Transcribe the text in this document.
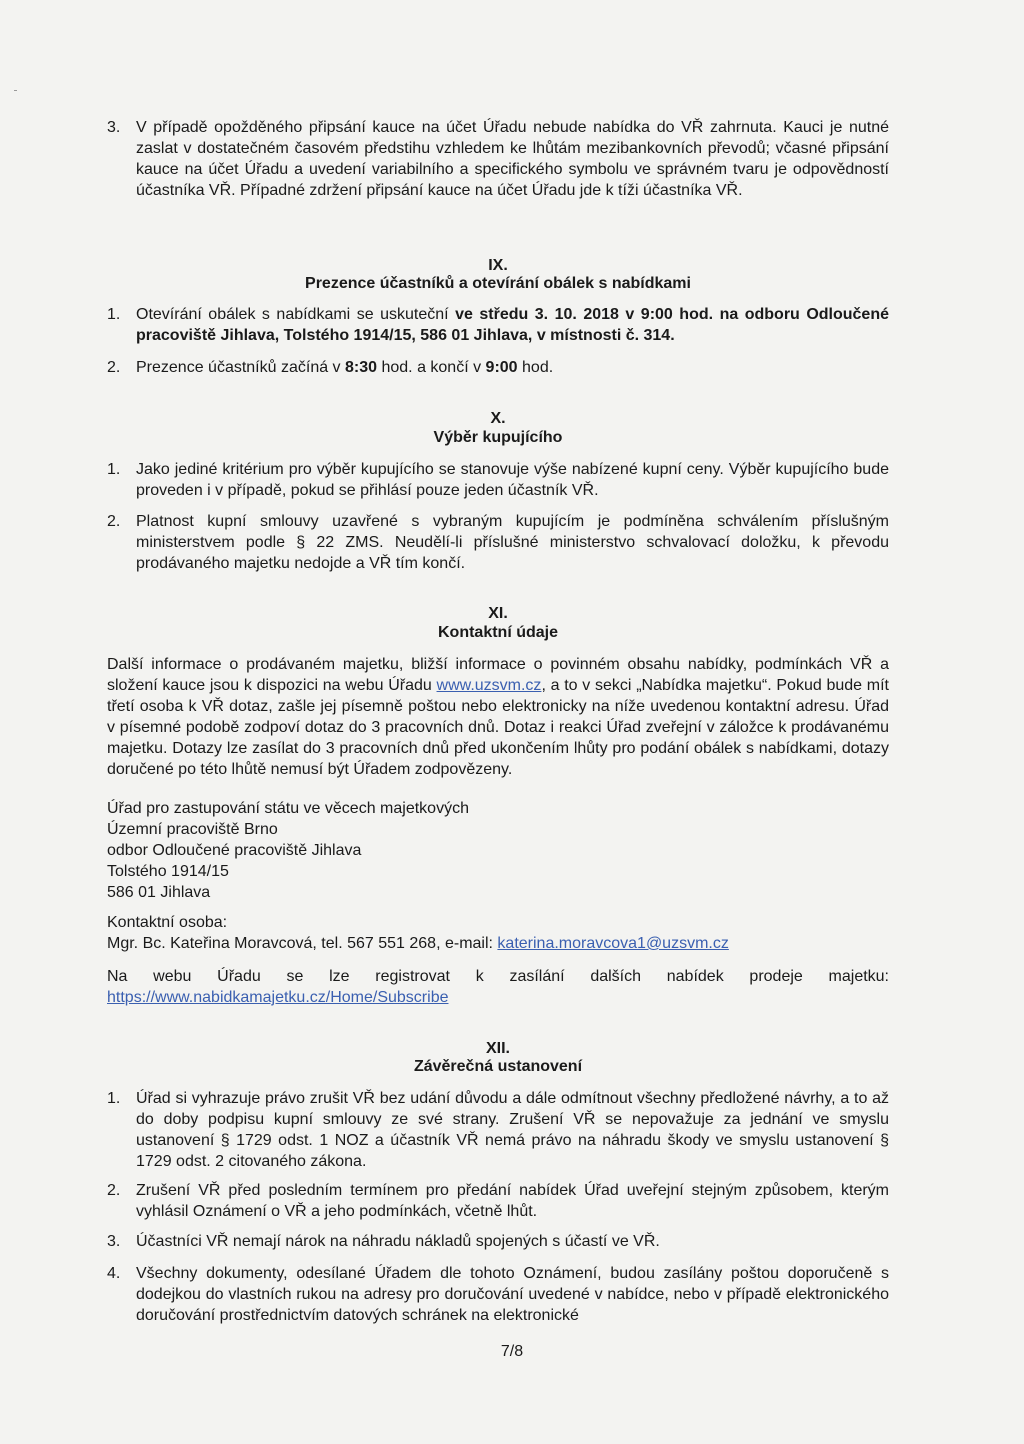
3. V případě opožděného připsání kauce na účet Úřadu nebude nabídka do VŘ zahrnuta. Kauci je nutné zaslat v dostatečném časovém předstihu vzhledem ke lhůtám mezibankovních převodů; včasné připsání kauce na účet Úřadu a uvedení variabilního a specifického symbolu ve správném tvaru je odpovědností účastníka VŘ. Případné zdržení připsání kauce na účet Úřadu jde k tíži účastníka VŘ.
IX.
Prezence účastníků a otevírání obálek s nabídkami
1. Otevírání obálek s nabídkami se uskuteční ve středu 3. 10. 2018 v 9:00 hod. na odboru Odloučené pracoviště Jihlava, Tolstého 1914/15, 586 01 Jihlava, v místnosti č. 314.
2. Prezence účastníků začíná v 8:30 hod. a končí v 9:00 hod.
X.
Výběr kupujícího
1. Jako jediné kritérium pro výběr kupujícího se stanovuje výše nabízené kupní ceny. Výběr kupujícího bude proveden i v případě, pokud se přihlásí pouze jeden účastník VŘ.
2. Platnost kupní smlouvy uzavřené s vybraným kupujícím je podmíněna schválením příslušným ministerstvem podle § 22 ZMS. Neudělí-li příslušné ministerstvo schvalovací doložku, k převodu prodávaného majetku nedojde a VŘ tím končí.
XI.
Kontaktní údaje
Další informace o prodávaném majetku, bližší informace o povinném obsahu nabídky, podmínkách VŘ a složení kauce jsou k dispozici na webu Úřadu www.uzsvm.cz, a to v sekci „Nabídka majetku“. Pokud bude mít třetí osoba k VŘ dotaz, zašle jej písemně poštou nebo elektronicky na níže uvedenou kontaktní adresu. Úřad v písemné podobě zodpoví dotaz do 3 pracovních dnů. Dotaz i reakci Úřad zveřejní v záložce k prodávanému majetku. Dotazy lze zasílat do 3 pracovních dnů před ukončením lhůty pro podání obálek s nabídkami, dotazy doručené po této lhůtě nemusí být Úřadem zodpovězeny.
Úřad pro zastupování státu ve věcech majetkových
Územní pracoviště Brno
odbor Odloučené pracoviště Jihlava
Tolstého 1914/15
586 01 Jihlava
Kontaktní osoba:
Mgr. Bc. Kateřina Moravcová, tel. 567 551 268, e-mail: katerina.moravcova1@uzsvm.cz
Na webu Úřadu se lze registrovat k zasílání dalších nabídek prodeje majetku:
https://www.nabidkamajetku.cz/Home/Subscribe
XII.
Závěrečná ustanovení
1. Úřad si vyhrazuje právo zrušit VŘ bez udání důvodu a dále odmítnout všechny předložené návrhy, a to až do doby podpisu kupní smlouvy ze své strany. Zrušení VŘ se nepovažuje za jednání ve smyslu ustanovení § 1729 odst. 1 NOZ a účastník VŘ nemá právo na náhradu škody ve smyslu ustanovení § 1729 odst. 2 citovaného zákona.
2. Zrušení VŘ před posledním termínem pro předání nabídek Úřad uveřejní stejným způsobem, kterým vyhlásil Oznámení o VŘ a jeho podmínkách, včetně lhůt.
3. Účastníci VŘ nemají nárok na náhradu nákladů spojených s účastí ve VŘ.
4. Všechny dokumenty, odesílané Úřadem dle tohoto Oznámení, budou zasílány poštou doporučeně s dodejkou do vlastních rukou na adresy pro doručování uvedené v nabídce, nebo v případě elektronického doručování prostřednictvím datových schránek na elektronické
7/8
